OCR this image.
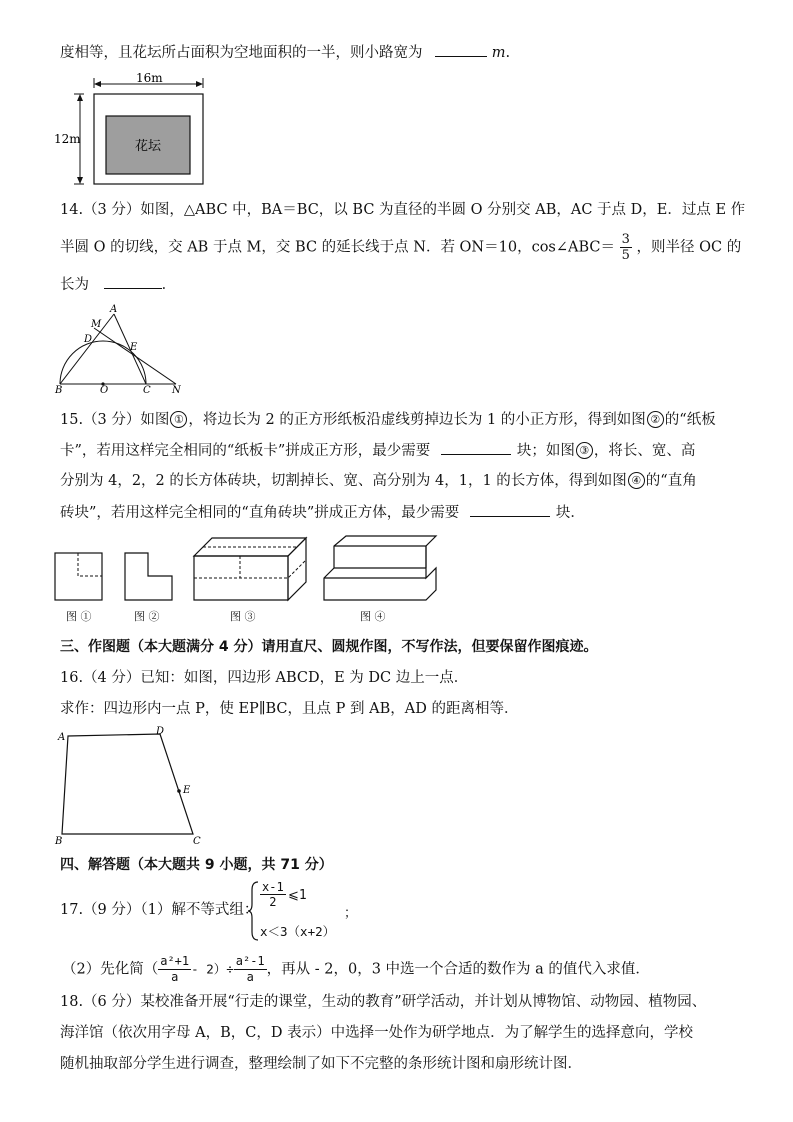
度相等，且花坛所占面积为空地面积的一半，则小路宽为	m.
16m
12m	花坛
14.（3 分）如图，△ABC 中，BA＝BC，以 BC 为直径的半圆 O 分别交 AB，AC 于点 D，E．过点 E 作
半圆 O 的切线，交 AB 于点 M，交 BC 的延长线于点 N．若 ON＝10，cos∠ABC＝ $\frac{3}{5}$ ，则半径 OC 的
长为	．
A
M
D
E
B	O	C N
15.（3 分）如图 ① ，将边长为 2 的正方形纸板沿虚线剪掉边长为 1 的小正方形，得到如图 ② 的“纸板
卡”，若用这样完全相同的“纸板卡”拼成正方形，最少需要	块；如图 ③ ，将长、宽、高
分别为 4，2，2 的长方体砖块，切割掉长、宽、高分别为 4，1，1 的长方体，得到如图 ④ 的“直角
砖块”，若用这样完全相同的“直角砖块”拼成正方体，最少需要	块．
图 ①	图 ②	图 ③	图 ④
三、作图题（本大题满分 4 分）请用直尺、圆规作图，不写作法，但要保留作图痕迹。
16.（4 分）已知：如图，四边形 ABCD，E 为 DC 边上一点．
求作：四边形内一点 P，使 EP∥BC，且点 P 到 AB，AD 的距离相等．
A
D
E
B	C
四、解答题（本大题共 9 小题，共 71 分）
17.（9 分）（1）解不等式组：
$\frac{x-1}{2}$ ⩽1
x＜3（x+2）
；
（2）先化简（ $\frac{\text{a²+1}}{a} - 2)\div \frac{\text{a²-1}}{a}$ ，再从 - 2，0，3 中选一个合适的数作为 a 的值代入求值．
18.（6 分）某校准备开展“行走的课堂，生动的教育”研学活动，并计划从博物馆、动物园、植物园、
海洋馆（依次用字母 A，B，C，D 表示）中选择一处作为研学地点．为了解学生的选择意向，学校
随机抽取部分学生进行调查，整理绘制了如下不完整的条形统计图和扇形统计图．
